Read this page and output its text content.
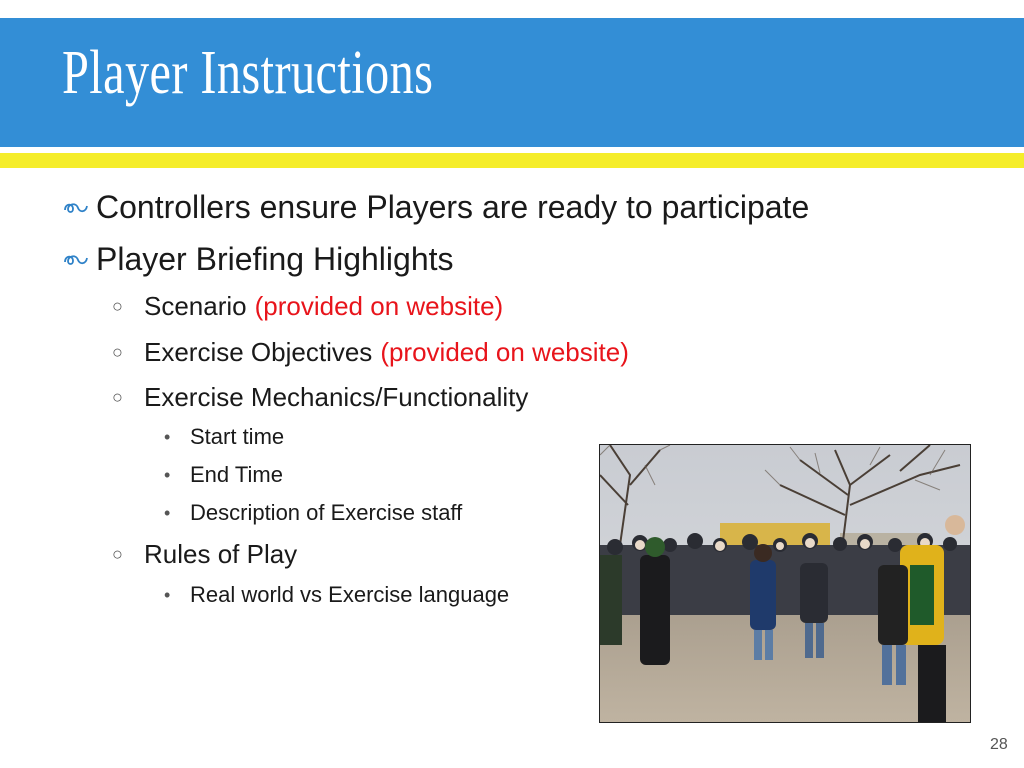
Player Instructions
Controllers ensure Players are ready to participate
Player Briefing Highlights
○ Scenario (provided on website)
○ Exercise Objectives (provided on website)
○ Exercise Mechanics/Functionality
• Start time
• End Time
• Description of Exercise staff
○ Rules of Play
• Real world vs Exercise language
28
